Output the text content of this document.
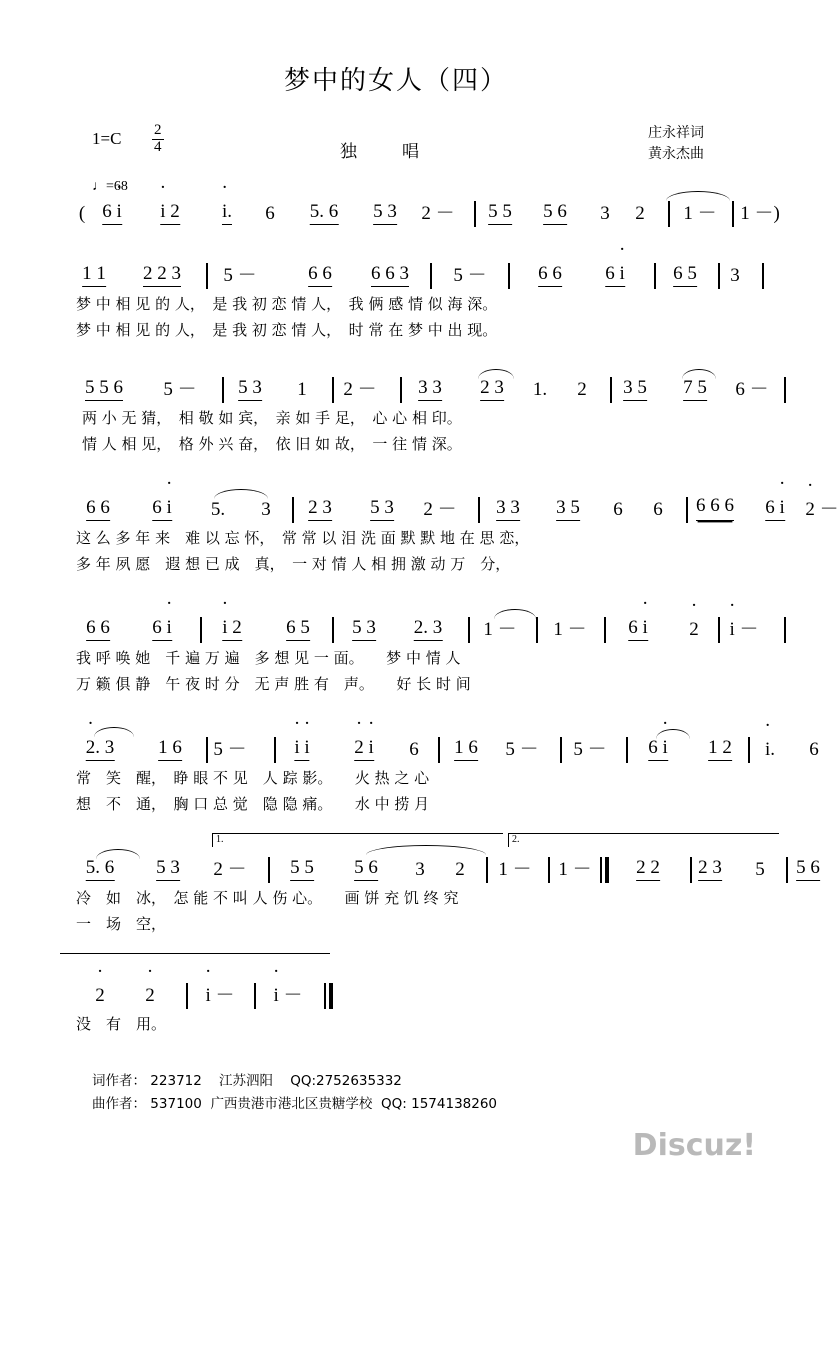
梦中的女人（四）
$1=C \frac{2}{4}$	独　唱
庄永祥词
黄永杰曲
♩=68

(

6 · i

· i 2

· i.

6

5. 6

5 3

2 －

5 5

5 6

3

2

1 －

1 －)

1 1

2 2 3

5 －

	6 6

6 6 3

5 －

	6 6

6 · i

	6 5

3

梦 中 相 见 的 人，　是 我 初 恋 情 人，　我 俩 感 情 似 海 深。
梦 中 相 见 的 人，　是 我 初 恋 情 人，　时 常 在 梦 中 出 现。

5 5 6

5 －

5 3

1

2 －

3 3

2 3

1.

2

3 5

7 5

6 －

两 小 无 猜，　相 敬 如 宾，　亲 如 手 足，　心 心 相 印。
情 人 相 见，　格 外 兴 奋，　依 旧 如 故，　一 往 情 深。

6 6

6 · i

5.

3

2 3

5 3

2 －

3 3

3 5

6

6

6 6 6

6 · i

· 2 －

这 么 多 年 来　难 以 忘 怀，　常 常 以 泪 洗 面 默 默 地 在 思 恋，
多 年 夙 愿　遐 想 已 成　真，　一 对 情 人 相 拥 激 动 万　分，

6 6

6 · i

	· i 2

6 5

5 3

2. 3

1 －

1 －

6 · i

· 2

· i －

我 呼 唤 她　千 遍 万 遍　多 想 见 一 面。　　梦 中 情 人
万 籁 俱 静　午 夜 时 分　无 声 胜 有　声。　　好 长 时 间

· 2. 3

1 6

5 －

	· i · i

· 2 · i

6

1 6

5 －

5 －

6 · i

1 2

· i.

6

常　笑　醒，　睁 眼 不 见　人 踪 影。　　火 热 之 心
想　不　通，　胸 口 总 觉　隐 隐 痛。　　水 中 捞 月
1.	2.

5. 6

5 3

2 －

5 5

5 6

3

2

1 －

1 －

2 2

2 3

5

5 6

冷　如　冰，　怎 能 不 叫 人 伤 心。　　画 饼 充 饥 终 究
一　场　空，

· 2

· 2

	· i －

· i －

没　有　用。
词作者： 223712 江苏泗阳 QQ:2752635332
曲作者： 537100 广西贵港市港北区贵糖学校 QQ: 1574138260
Discuz!
